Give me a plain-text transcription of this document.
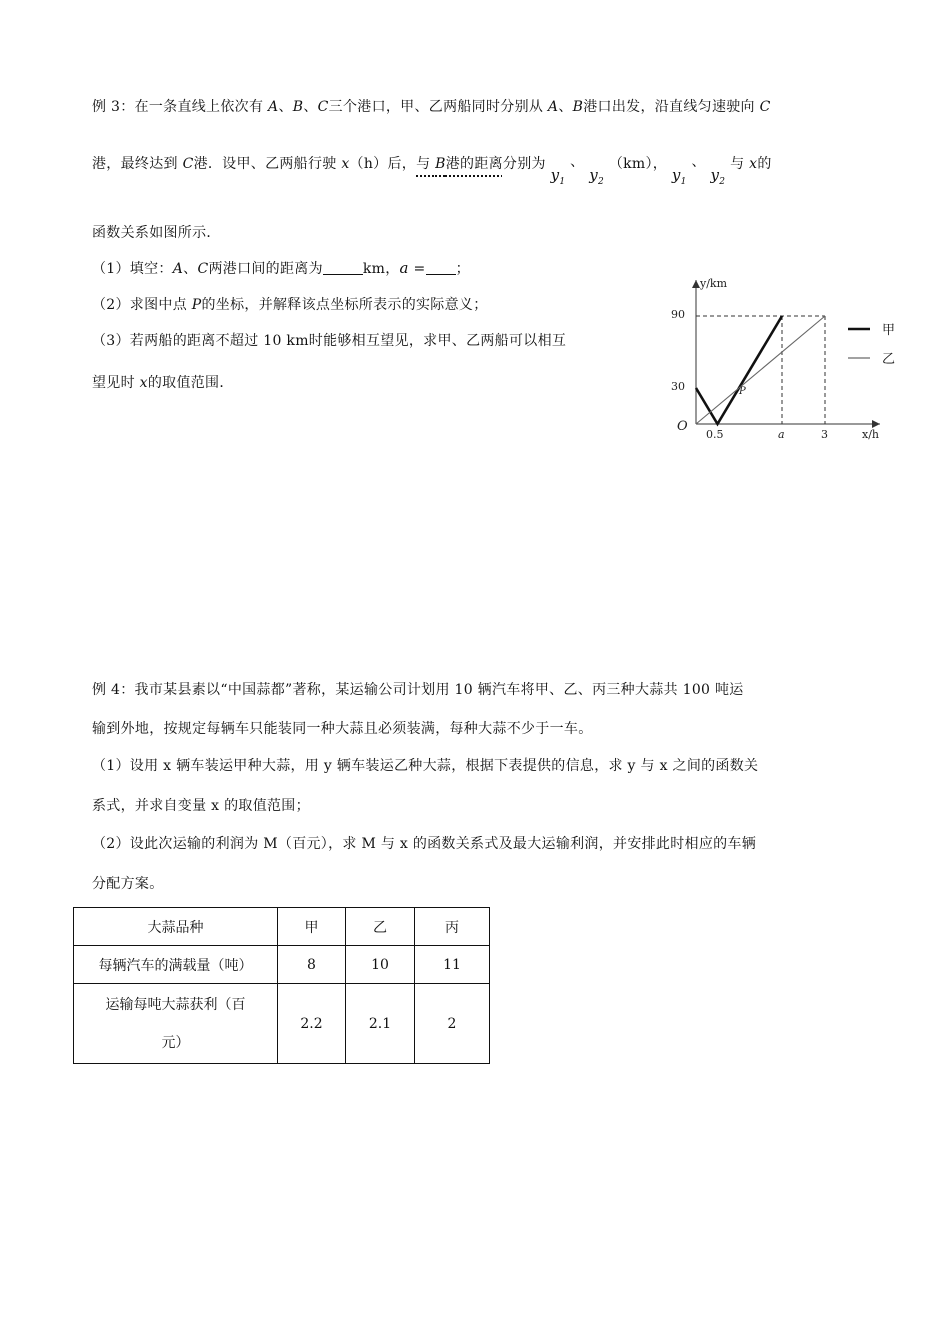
例 3：在一条直线上依次有 A、B、C三个港口，甲、乙两船同时分别从 A、B港口出发，沿直线匀速驶向 C
港，最终达到 C港．设甲、乙两船行驶 x（h）后，与 B港的距离分别为 $y_1$ 、 $y_2$ （km）， $y_1$ 、 $y_2$ 与 x的
函数关系如图所示．
（1）填空：A、C两港口间的距离为	km，a = ；
（2）求图中点 P的坐标，并解释该点坐标所表示的实际意义；
（3）若两船的距离不超过 10 km时能够相互望见，求甲、乙两船可以相互
望见时 x的取值范围．
y/km
x/h
O
90
30
0.5	a	3
P
甲
乙
例 4：我市某县素以“中国蒜都”著称，某运输公司计划用 10 辆汽车将甲、乙、丙三种大蒜共 100 吨运
输到外地，按规定每辆车只能装同一种大蒜且必须装满，每种大蒜不少于一车。
（1）设用 x 辆车装运甲种大蒜，用 y 辆车装运乙种大蒜，根据下表提供的信息，求 y 与 x 之间的函数关
系式，并求自变量 x 的取值范围；
（2）设此次运输的利润为 M（百元），求 M 与 x 的函数关系式及最大运输利润，并安排此时相应的车辆
分配方案。
大蒜品种	甲	乙	丙
每辆汽车的满载量（吨）	8	10	11

运输每吨大蒜获利（百
元）	2.2	2.1	2
